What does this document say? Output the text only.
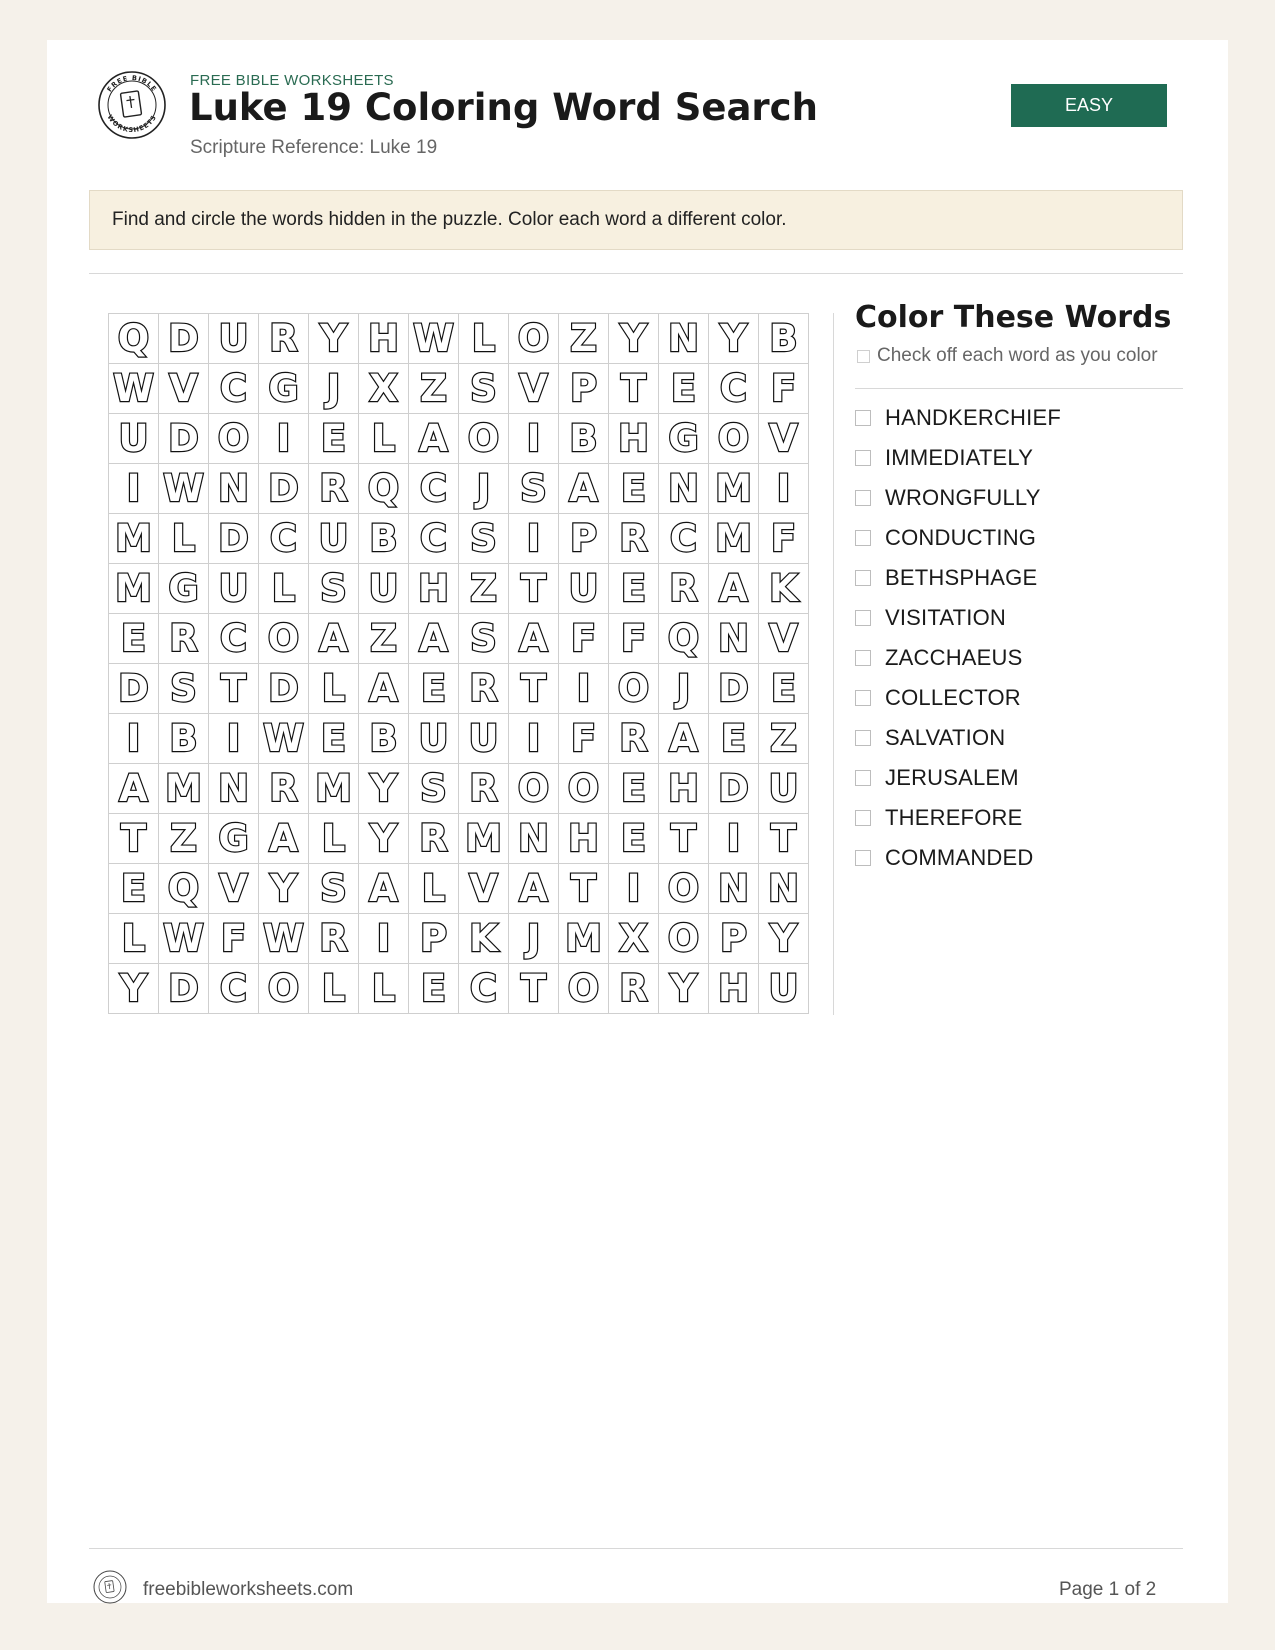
FREE BIBLE
WORKSHEETS
FREE BIBLE WORKSHEETS
Luke 19 Coloring Word Search
Scripture Reference: Luke 19
EASY
Find and circle the words hidden in the puzzle. Color each word a different color.
Q D U R Y H W L O Z Y N Y B
W V C G J X Z S V P T E C F
U D O I E L A O I B H G O V
I W N D R Q C J S A E N M I
M L D C U B C S I P R C M F
M G U L S U H Z T U E R A K
E R C O A Z A S A F F Q N V
D S T D L A E R T I O J D E
I B I W E B U U I F R A E Z
A M N R M Y S R O O E H D U
T Z G A L Y R M N H E T I T
E Q V Y S A L V A T I O N N
L W F W R I P K J M X O P Y
Y D C O L L E C T O R Y H U
Color These Words
Check off each word as you color
HANDKERCHIEF
IMMEDIATELY
WRONGFULLY
CONDUCTING
BETHSPHAGE
VISITATION
ZACCHAEUS
COLLECTOR
SALVATION
JERUSALEM
THEREFORE
COMMANDED
freebibleworksheets.com	Page 1 of 2
